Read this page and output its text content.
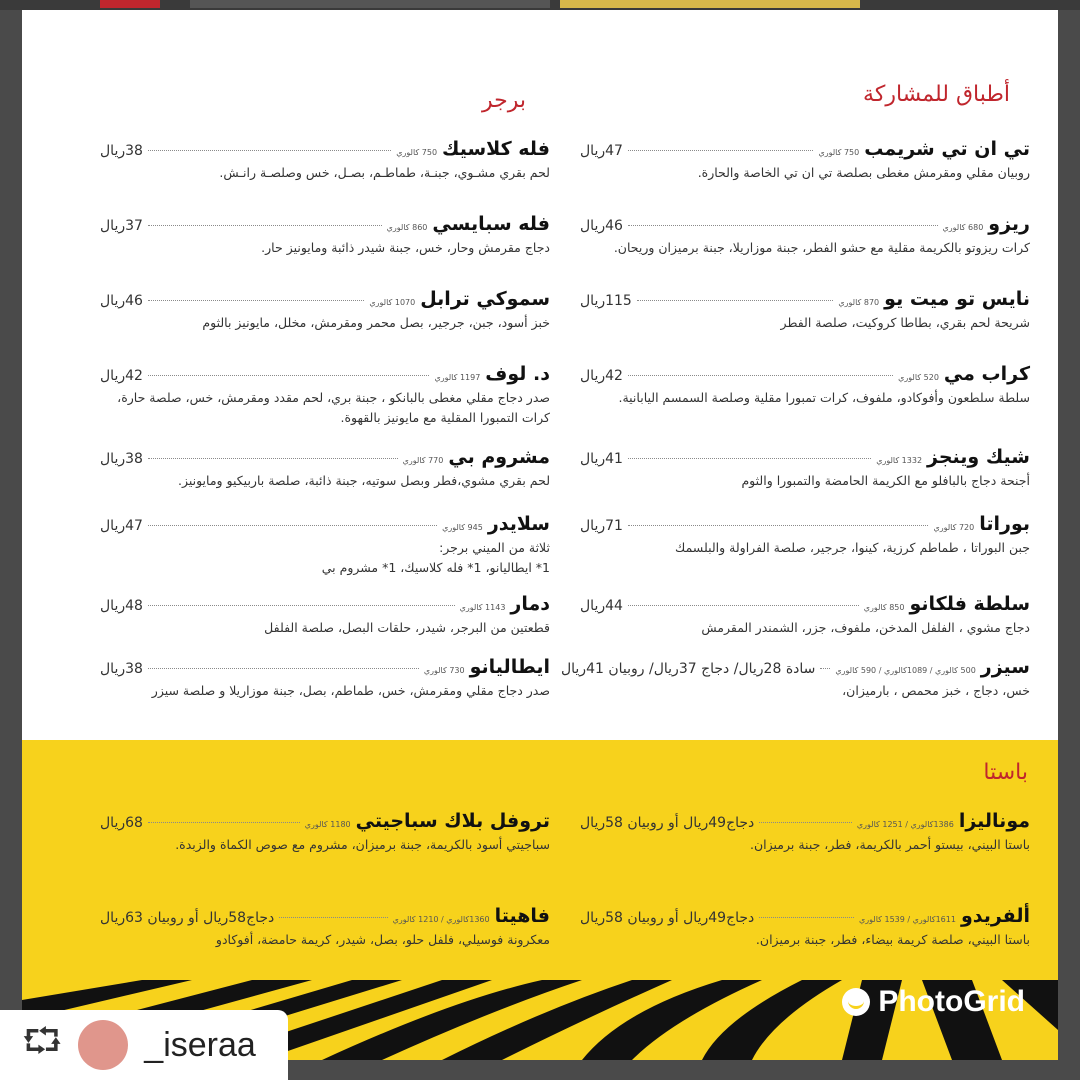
أطباق للمشاركة
برجر
تي ان تي شريمب
750 كالوري
47ريال
روبيان مقلي ومقرمش مغطى بصلصة تي ان تي الخاصة والحارة.
ريزو
680 كالوري
46ريال
كرات ريزوتو بالكريمة مقلية مع حشو الفطر، جبنة موزاريلا، جبنة برميزان وريحان.
نايس تو ميت يو
870 كالوري
115ريال
شريحة لحم بقري، بطاطا كروكيت، صلصة الفطر
كراب مي
520 كالوري
42ريال
سلطة سلطعون وأفوكادو، ملفوف، كرات تمبورا مقلية وصلصة السمسم اليابانية.
شيك وينجز
1332 كالوري
41ريال
أجنحة دجاج بالبافلو مع الكريمة الحامضة والتمبورا والثوم
بوراتا
720 كالوري
71ريال
جبن البوراتا ، طماطم كرزية، كينوا، جرجير، صلصة الفراولة والبلسمك
سلطة فلكانو
850 كالوري
44ريال
دجاج مشوي ، الفلفل المدخن، ملفوف، جزر، الشمندر المقرمش
سيزر
500 كالوري / 1089كالوري / 590 كالوري
سادة 28ريال/ دجاج 37ريال/ روبيان 41ريال
خس، دجاج ، خبز محمص ، بارميزان،
فله كلاسيك
750 كالوري
38ريال
لحم بقري مشـوي، جبنـة، طماطـم، بصـل، خس وصلصـة رانـش.
فله سبايسي
860 كالوري
37ريال
دجاج مقرمش وحار، خس، جبنة شيدر ذائبة ومايونيز حار.
سموكي ترابل
1070 كالوري
46ريال
خبز أسود، جبن، جرجير، بصل محمر ومقرمش، مخلل، مايونيز بالثوم
د. لوف
1197 كالوري
42ريال
صدر دجاج مقلي مغطى بالبانكو ، جبنة بري، لحم مقدد ومقرمش، خس، صلصة حارة، كرات التمبورا المقلية مع مايونيز بالقهوة.
مشروم بي
770 كالوري
38ريال
لحم بقري مشوي،فطر وبصل سوتيه، جبنة ذائبة، صلصة باربيكيو ومايونيز.
سلايدر
945 كالوري
47ريال
ثلاثة من الميني برجر:
1* ايطاليانو، 1* فله كلاسيك، 1* مشروم بي
دمار
1143 كالوري
48ريال
قطعتين من البرجر، شيدر، حلقات البصل، صلصة الفلفل
ايطاليانو
730 كالوري
38ريال
صدر دجاج مقلي ومقرمش، خس، طماطم، بصل، جبنة موزاريلا و صلصة سيزر
باستا
مونالیزا
1386كالوري / 1251 كالوري
دجاج49ريال أو روبيان 58ريال
باستا البيني، بيستو أحمر بالكريمة، فطر، جبنة برميزان.
ألفريدو
1611كالوري / 1539 كالوري
دجاج49ريال أو روبيان 58ريال
باستا البيني، صلصة كريمة بيضاء، فطر، جبنة برميزان.
تروفل بلاك سباجيتي
1180 كالوري
68ريال
سباجيتي أسود بالكريمة، جبنة برميزان، مشروم مع صوص الكماة والزبدة.
فاهيتا
1360كالوري / 1210 كالوري
دجاج58ريال أو روبيان 63ريال
معكرونة فوسيلي، فلفل حلو، بصل، شيدر، كريمة حامضة، أفوكادو
PhotoGrid
⮔ _iseraa
